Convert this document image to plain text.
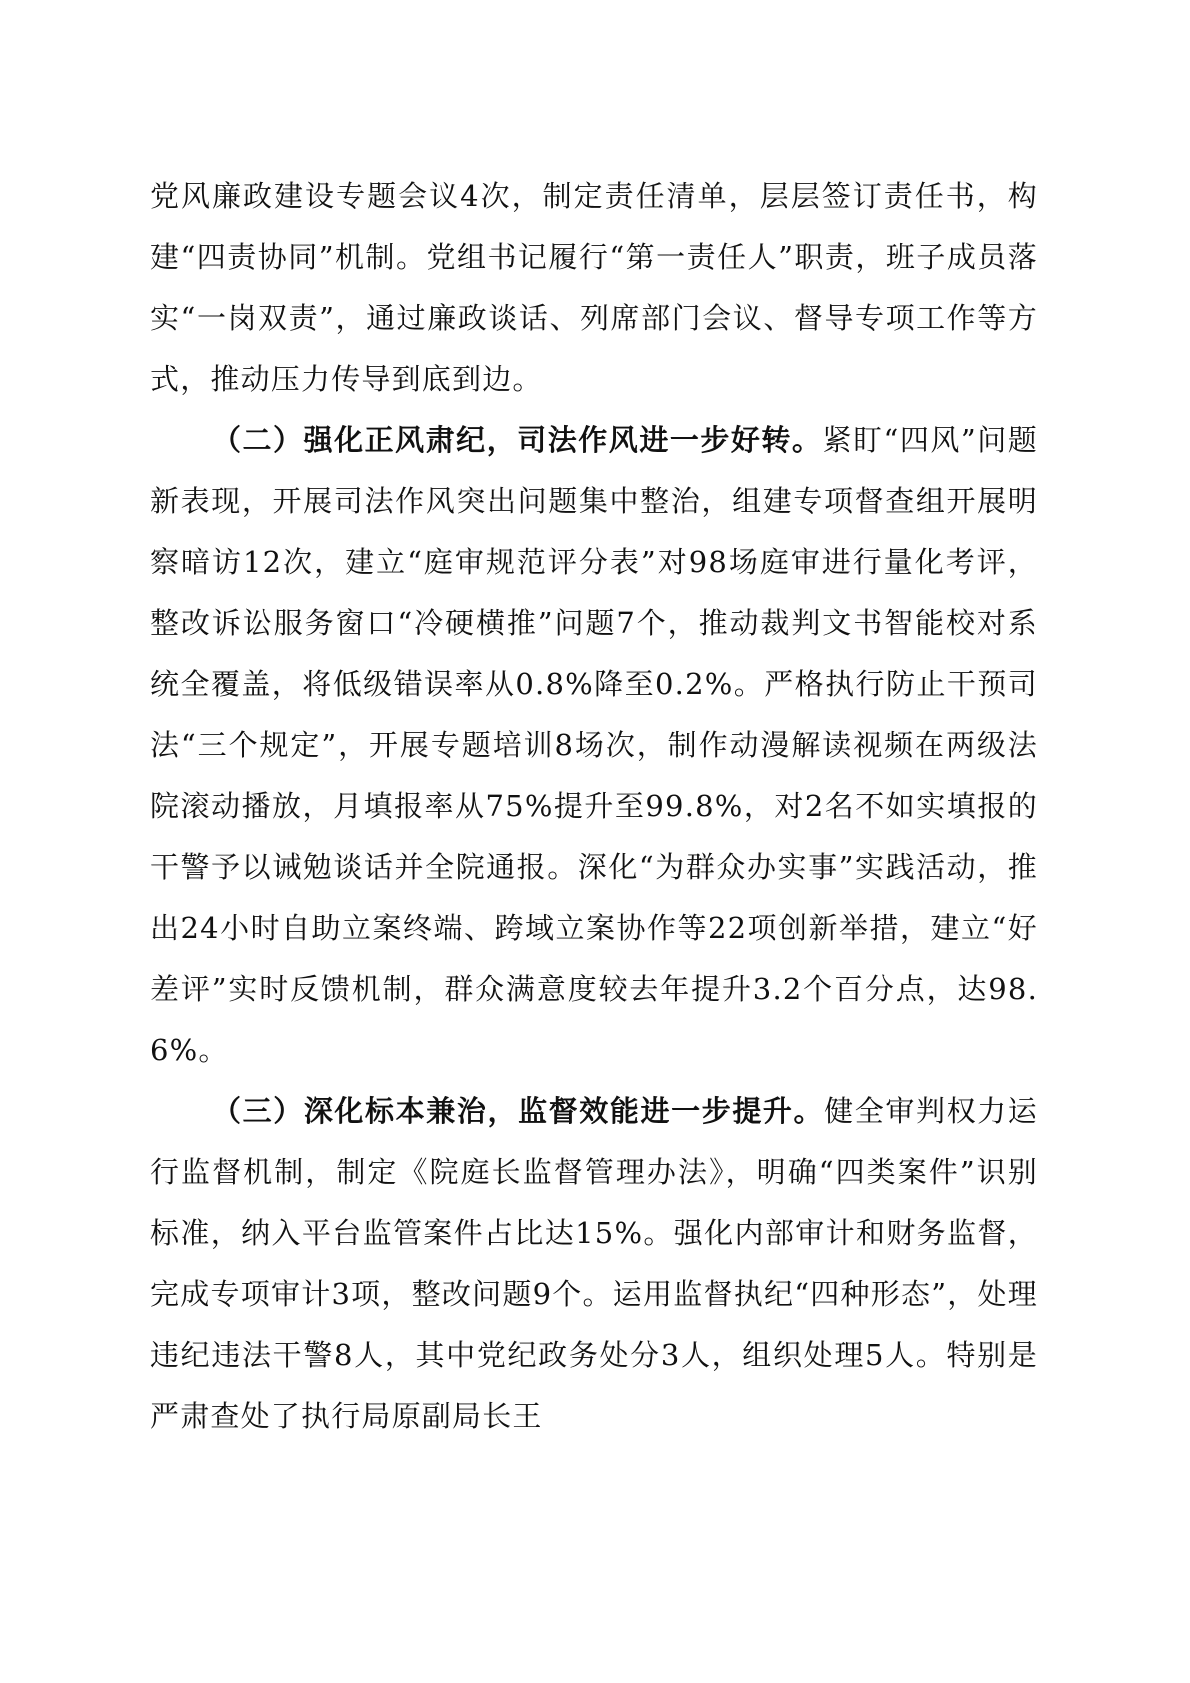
党风廉政建设专题会议4次，制定责任清单，层层签订责任书，构建“四责协同”机制。党组书记履行“第一责任人”职责，班子成员落实“一岗双责”，通过廉政谈话、列席部门会议、督导专项工作等方式，推动压力传导到底到边。

（二）强化正风肃纪，司法作风进一步好转。紧盯“四风”问题新表现，开展司法作风突出问题集中整治，组建专项督查组开展明察暗访12次，建立“庭审规范评分表”对98场庭审进行量化考评，整改诉讼服务窗口“冷硬横推”问题7个，推动裁判文书智能校对系统全覆盖，将低级错误率从0.8%降至0.2%。严格执行防止干预司法“三个规定”，开展专题培训8场次，制作动漫解读视频在两级法院滚动播放，月填报率从75%提升至99.8%，对2名不如实填报的干警予以诫勉谈话并全院通报。深化“为群众办实事”实践活动，推出24小时自助立案终端、跨域立案协作等22项创新举措，建立“好差评”实时反馈机制，群众满意度较去年提升3.2个百分点，达98.6%。

（三）深化标本兼治，监督效能进一步提升。健全审判权力运行监督机制，制定《院庭长监督管理办法》，明确“四类案件”识别标准，纳入平台监管案件占比达15%。强化内部审计和财务监督，完成专项审计3项，整改问题9个。运用监督执纪“四种形态”，处理违纪违法干警8人，其中党纪政务处分3人，组织处理5人。特别是严肃查处了执行局原副局长王
